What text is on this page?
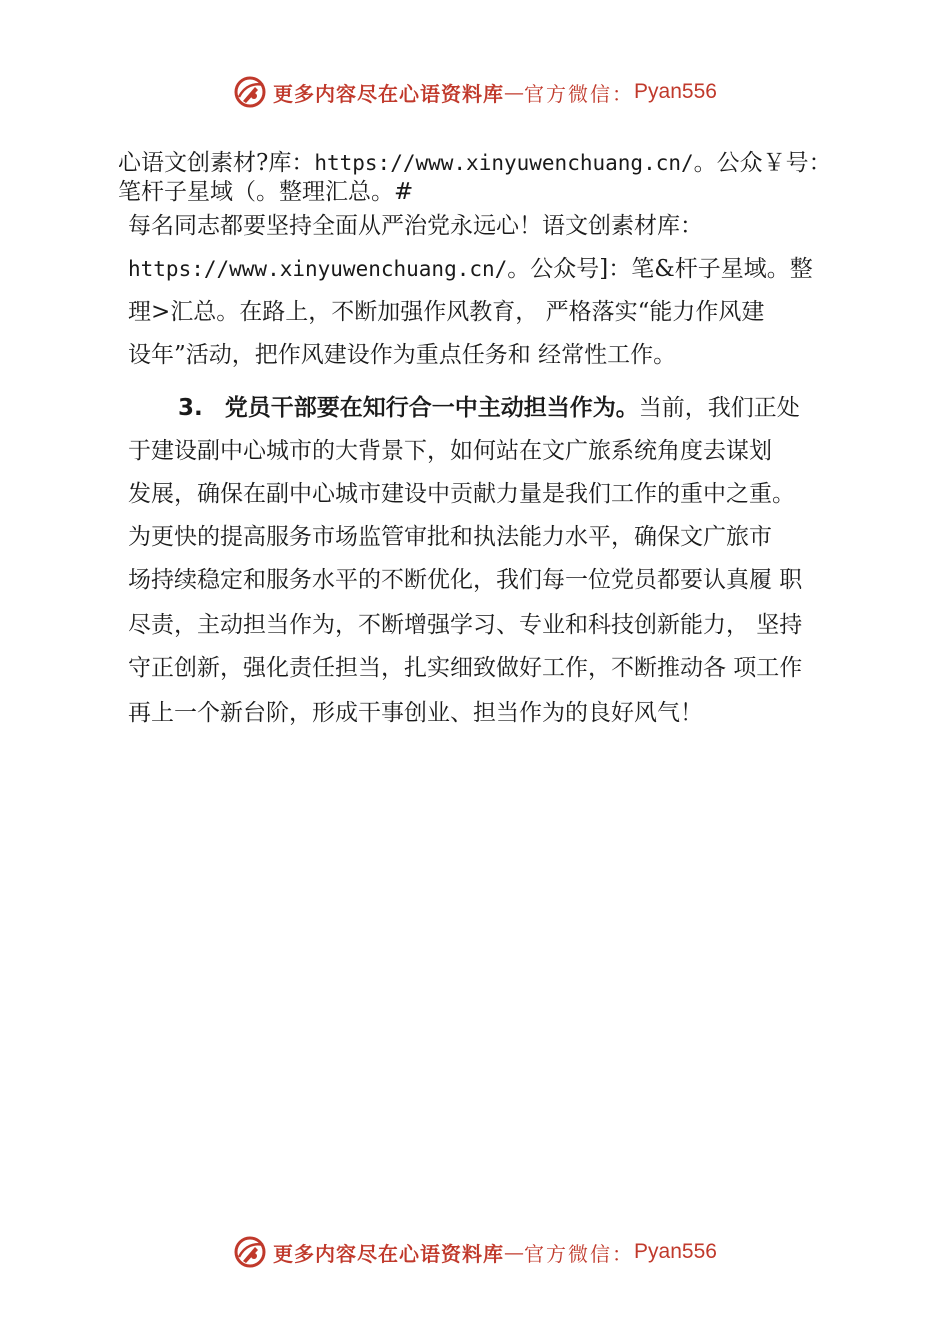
更多内容尽在心语资料库 — 官方微信： Pyan556
心语文创素材?库：https://www.xinyuwenchuang.cn/。公众￥号：
笔杆子星域（。整理汇总。#
每名同志都要坚持全面从严治党永远心！语文创素材库：
https://www.xinyuwenchuang.cn/。公众号]：笔&杆子星域。整
理>汇总。在路上，不断加强作风教育， 严格落实“能力作风建
设年”活动，把作风建设作为重点任务和 经常性工作。
3. 党员干部要在知行合一中主动担当作为。当前，我们正处
于建设副中心城市的大背景下，如何站在文广旅系统角度去谋划
发展，确保在副中心城市建设中贡献力量是我们工作的重中之重。
为更快的提高服务市场监管审批和执法能力水平，确保文广旅市
场持续稳定和服务水平的不断优化，我们每一位党员都要认真履 职
尽责，主动担当作为，不断增强学习、专业和科技创新能力， 坚持
守正创新，强化责任担当，扎实细致做好工作，不断推动各 项工作
再上一个新台阶，形成干事创业、担当作为的良好风气！
更多内容尽在心语资料库 — 官方微信： Pyan556
